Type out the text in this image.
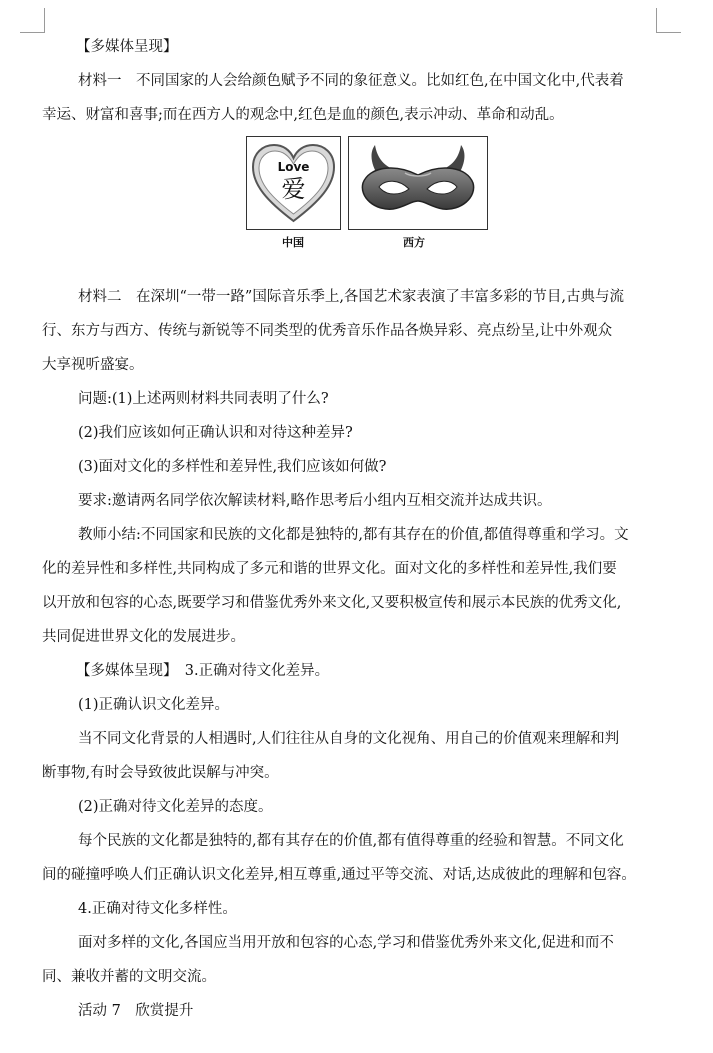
【多媒体呈现】

材料一　不同国家的人会给颜色赋予不同的象征意义。比如红色,在中国文化中,代表着

幸运、财富和喜事;而在西方人的观念中,红色是血的颜色,表示冲动、革命和动乱。

Love
爱
中国	西方

材料二　在深圳“一带一路”国际音乐季上,各国艺术家表演了丰富多彩的节目,古典与流

行、东方与西方、传统与新锐等不同类型的优秀音乐作品各焕异彩、亮点纷呈,让中外观众

大享视听盛宴。

问题:(1)上述两则材料共同表明了什么?

(2)我们应该如何正确认识和对待这种差异?

(3)面对文化的多样性和差异性,我们应该如何做?

要求:邀请两名同学依次解读材料,略作思考后小组内互相交流并达成共识。

教师小结:不同国家和民族的文化都是独特的,都有其存在的价值,都值得尊重和学习。文

化的差异性和多样性,共同构成了多元和谐的世界文化。面对文化的多样性和差异性,我们要

以开放和包容的心态,既要学习和借鉴优秀外来文化,又要积极宣传和展示本民族的优秀文化,

共同促进世界文化的发展进步。

【多媒体呈现】　3.正确对待文化差异。

(1)正确认识文化差异。

当不同文化背景的人相遇时,人们往往从自身的文化视角、用自己的价值观来理解和判

断事物,有时会导致彼此误解与冲突。

(2)正确对待文化差异的态度。

每个民族的文化都是独特的,都有其存在的价值,都有值得尊重的经验和智慧。不同文化

间的碰撞呼唤人们正确认识文化差异,相互尊重,通过平等交流、对话,达成彼此的理解和包容。

4.正确对待文化多样性。

面对多样的文化,各国应当用开放和包容的心态,学习和借鉴优秀外来文化,促进和而不

同、兼收并蓄的文明交流。

活动 7　欣赏提升
